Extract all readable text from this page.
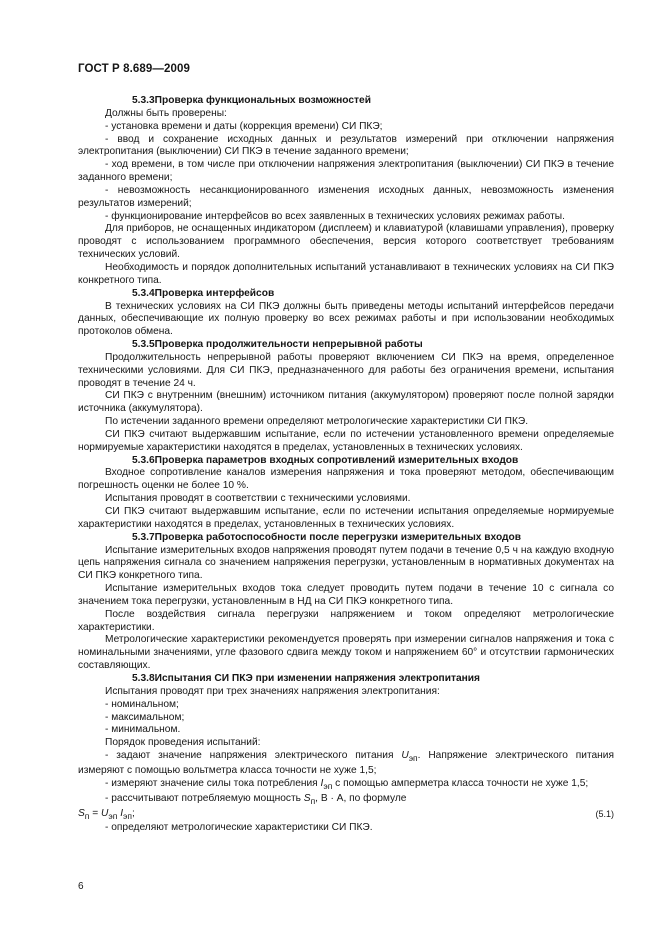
ГОСТ Р 8.689—2009

5.3.3Проверка функциональных возможностей

Должны быть проверены:

- установка времени и даты (коррекция времени) СИ ПКЭ;

- ввод и сохранение исходных данных и результатов измерений при отключении напряжения электропитания (выключении) СИ ПКЭ в течение заданного времени;

- ход времени, в том числе при отключении напряжения электропитания (выключении) СИ ПКЭ в течение заданного времени;

- невозможность несанкционированного изменения исходных данных, невозможность изменения результатов измерений;

- функционирование интерфейсов во всех заявленных в технических условиях режимах работы.

Для приборов, не оснащенных индикатором (дисплеем) и клавиатурой (клавишами управления), проверку проводят с использованием программного обеспечения, версия которого соответствует требованиям технических условий.

Необходимость и порядок дополнительных испытаний устанавливают в технических условиях на СИ ПКЭ конкретного типа.

5.3.4Проверка интерфейсов

В технических условиях на СИ ПКЭ должны быть приведены методы испытаний интерфейсов передачи данных, обеспечивающие их полную проверку во всех режимах работы и при использовании необходимых протоколов обмена.

5.3.5Проверка продолжительности непрерывной работы

Продолжительность непрерывной работы проверяют включением СИ ПКЭ на время, определенное техническими условиями. Для СИ ПКЭ, предназначенного для работы без ограничения времени, испытания проводят в течение 24 ч.

СИ ПКЭ с внутренним (внешним) источником питания (аккумулятором) проверяют после полной зарядки источника (аккумулятора).

По истечении заданного времени определяют метрологические характеристики СИ ПКЭ.

СИ ПКЭ считают выдержавшим испытание, если по истечении установленного времени определяемые нормируемые характеристики находятся в пределах, установленных в технических условиях.

5.3.6Проверка параметров входных сопротивлений измерительных входов

Входное сопротивление каналов измерения напряжения и тока проверяют методом, обеспечивающим погрешность оценки не более 10 %.

Испытания проводят в соответствии с техническими условиями.

СИ ПКЭ считают выдержавшим испытание, если по истечении испытания определяемые нормируемые характеристики находятся в пределах, установленных в технических условиях.

5.3.7Проверка работоспособности после перегрузки измерительных входов

Испытание измерительных входов напряжения проводят путем подачи в течение 0,5 ч на каждую входную цепь напряжения сигнала со значением напряжения перегрузки, установленным в нормативных документах на СИ ПКЭ конкретного типа.

Испытание измерительных входов тока следует проводить путем подачи в течение 10 с сигнала со значением тока перегрузки, установленным в НД на СИ ПКЭ конкретного типа.

После воздействия сигнала перегрузки напряжением и током определяют метрологические характеристики.

Метрологические характеристики рекомендуется проверять при измерении сигналов напряжения и тока с номинальными значениями, угле фазового сдвига между током и напряжением 60° и отсутствии гармонических составляющих.

5.3.8Испытания СИ ПКЭ при изменении напряжения электропитания

Испытания проводят при трех значениях напряжения электропитания:

- номинальном;

- максимальном;

- минимальном.

Порядок проведения испытаний:

- задают значение напряжения электрического питания $U_{эп}$. Напряжение электрического питания измеряют с помощью вольтметра класса точности не хуже 1,5;

- измеряют значение силы тока потребления $I_{эп}$ с помощью амперметра класса точности не хуже 1,5;

- рассчитывают потребляемую мощность $S_п$, В · А, по формуле

$S_п = U_{эп}$ $I_{эп}$;	(5.1)

- определяют метрологические характеристики СИ ПКЭ.

6
